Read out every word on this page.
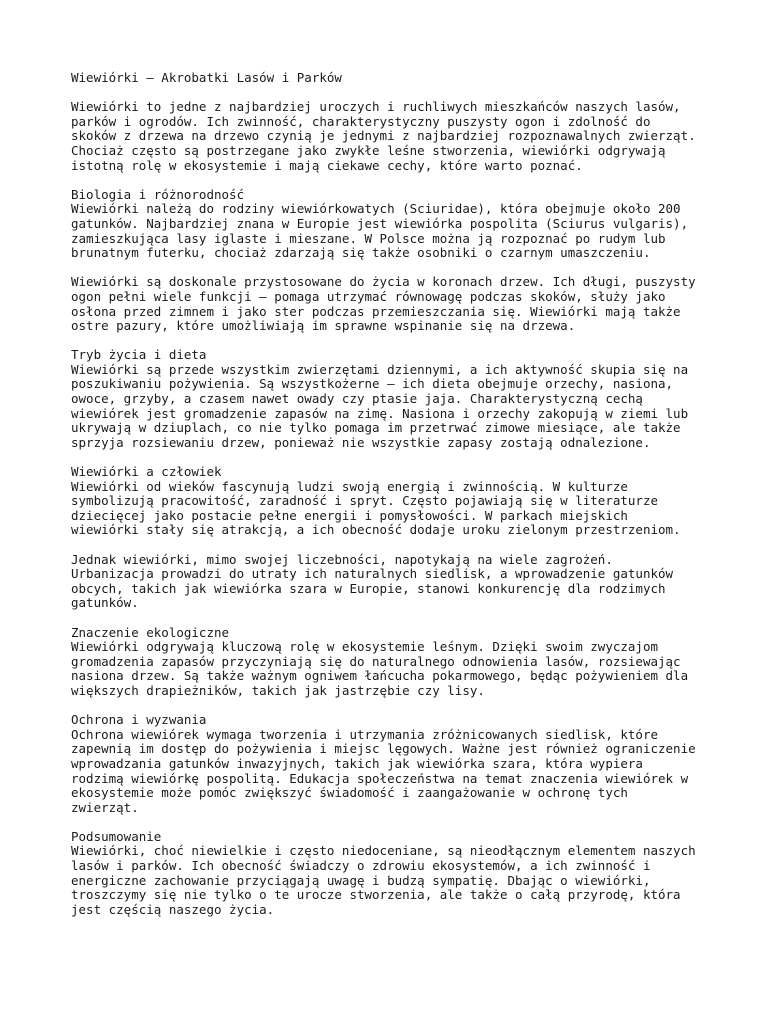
Wiewiórki – Akrobatki Lasów i Parków
Wiewiórki to jedne z najbardziej uroczych i ruchliwych mieszkańców naszych lasów,
parków i ogrodów. Ich zwinność, charakterystyczny puszysty ogon i zdolność do
skoków z drzewa na drzewo czynią je jednymi z najbardziej rozpoznawalnych zwierząt.
Chociaż często są postrzegane jako zwykłe leśne stworzenia, wiewiórki odgrywają
istotną rolę w ekosystemie i mają ciekawe cechy, które warto poznać.
Biologia i różnorodność
Wiewiórki należą do rodziny wiewiórkowatych (Sciuridae), która obejmuje około 200
gatunków. Najbardziej znana w Europie jest wiewiórka pospolita (Sciurus vulgaris),
zamieszkująca lasy iglaste i mieszane. W Polsce można ją rozpoznać po rudym lub
brunatnym futerku, chociaż zdarzają się także osobniki o czarnym umaszczeniu.
Wiewiórki są doskonale przystosowane do życia w koronach drzew. Ich długi, puszysty
ogon pełni wiele funkcji – pomaga utrzymać równowagę podczas skoków, służy jako
osłona przed zimnem i jako ster podczas przemieszczania się. Wiewiórki mają także
ostre pazury, które umożliwiają im sprawne wspinanie się na drzewa.
Tryb życia i dieta
Wiewiórki są przede wszystkim zwierzętami dziennymi, a ich aktywność skupia się na
poszukiwaniu pożywienia. Są wszystkożerne – ich dieta obejmuje orzechy, nasiona,
owoce, grzyby, a czasem nawet owady czy ptasie jaja. Charakterystyczną cechą
wiewiórek jest gromadzenie zapasów na zimę. Nasiona i orzechy zakopują w ziemi lub
ukrywają w dziuplach, co nie tylko pomaga im przetrwać zimowe miesiące, ale także
sprzyja rozsiewaniu drzew, ponieważ nie wszystkie zapasy zostają odnalezione.
Wiewiórki a człowiek
Wiewiórki od wieków fascynują ludzi swoją energią i zwinnością. W kulturze
symbolizują pracowitość, zaradność i spryt. Często pojawiają się w literaturze
dziecięcej jako postacie pełne energii i pomysłowości. W parkach miejskich
wiewiórki stały się atrakcją, a ich obecność dodaje uroku zielonym przestrzeniom.
Jednak wiewiórki, mimo swojej liczebności, napotykają na wiele zagrożeń.
Urbanizacja prowadzi do utraty ich naturalnych siedlisk, a wprowadzenie gatunków
obcych, takich jak wiewiórka szara w Europie, stanowi konkurencję dla rodzimych
gatunków.
Znaczenie ekologiczne
Wiewiórki odgrywają kluczową rolę w ekosystemie leśnym. Dzięki swoim zwyczajom
gromadzenia zapasów przyczyniają się do naturalnego odnowienia lasów, rozsiewając
nasiona drzew. Są także ważnym ogniwem łańcucha pokarmowego, będąc pożywieniem dla
większych drapieżników, takich jak jastrzębie czy lisy.
Ochrona i wyzwania
Ochrona wiewiórek wymaga tworzenia i utrzymania zróżnicowanych siedlisk, które
zapewnią im dostęp do pożywienia i miejsc lęgowych. Ważne jest również ograniczenie
wprowadzania gatunków inwazyjnych, takich jak wiewiórka szara, która wypiera
rodzimą wiewiórkę pospolitą. Edukacja społeczeństwa na temat znaczenia wiewiórek w
ekosystemie może pomóc zwiększyć świadomość i zaangażowanie w ochronę tych
zwierząt.
Podsumowanie
Wiewiórki, choć niewielkie i często niedoceniane, są nieodłącznym elementem naszych
lasów i parków. Ich obecność świadczy o zdrowiu ekosystemów, a ich zwinność i
energiczne zachowanie przyciągają uwagę i budzą sympatię. Dbając o wiewiórki,
troszczymy się nie tylko o te urocze stworzenia, ale także o całą przyrodę, która
jest częścią naszego życia.
